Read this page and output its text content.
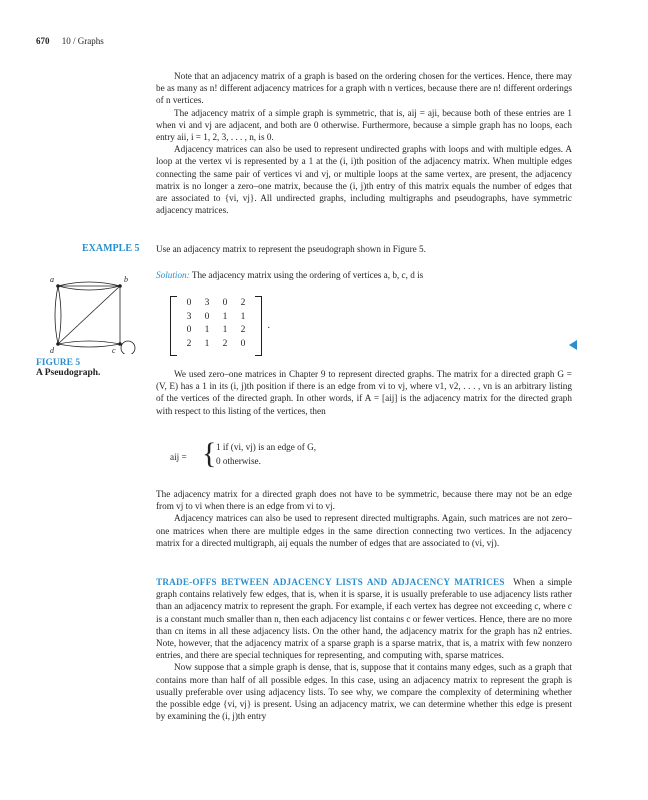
670 10 / Graphs

Note that an adjacency matrix of a graph is based on the ordering chosen for the vertices. Hence, there may be as many as n! different adjacency matrices for a graph with n vertices, because there are n! different orderings of n vertices.

The adjacency matrix of a simple graph is symmetric, that is, aij = aji, because both of these entries are 1 when vi and vj are adjacent, and both are 0 otherwise. Furthermore, because a simple graph has no loops, each entry aii, i = 1, 2, 3, . . . , n, is 0.

Adjacency matrices can also be used to represent undirected graphs with loops and with multiple edges. A loop at the vertex vi is represented by a 1 at the (i, i)th position of the adjacency matrix. When multiple edges connecting the same pair of vertices vi and vj, or multiple loops at the same vertex, are present, the adjacency matrix is no longer a zero–one matrix, because the (i, j)th entry of this matrix equals the number of edges that are associated to {vi, vj}. All undirected graphs, including multigraphs and pseudographs, have symmetric adjacency matrices.

EXAMPLE 5 Use an adjacency matrix to represent the pseudograph shown in Figure 5.
Solution: The adjacency matrix using the ordering of vertices a, b, c, d is
0	3	0	2
3	0	1	1
0	1	1	2
2	1	2	0
.
a	b
c
d
FIGURE 5
A Pseudograph.	We used zero–one matrices in Chapter 9 to represent directed graphs. The matrix for a directed graph G = (V, E) has a 1 in its (i, j)th position if there is an edge from vi to vj, where v1, v2, . . . , vn is an arbitrary listing of the vertices of the directed graph. In other words, if A = [aij] is the adjacency matrix for the directed graph with respect to this listing of the vertices, then

aij = { 1 if (vi, vj) is an edge of G,
0 otherwise.

The adjacency matrix for a directed graph does not have to be symmetric, because there may not be an edge from vj to vi when there is an edge from vi to vj.

Adjacency matrices can also be used to represent directed multigraphs. Again, such matrices are not zero–one matrices when there are multiple edges in the same direction connecting two vertices. In the adjacency matrix for a directed multigraph, aij equals the number of edges that are associated to (vi, vj).

TRADE-OFFS BETWEEN ADJACENCY LISTS AND ADJACENCY MATRICES When a simple graph contains relatively few edges, that is, when it is sparse, it is usually preferable to use adjacency lists rather than an adjacency matrix to represent the graph. For example, if each vertex has degree not exceeding c, where c is a constant much smaller than n, then each adjacency list contains c or fewer vertices. Hence, there are no more than cn items in all these adjacency lists. On the other hand, the adjacency matrix for the graph has n2 entries. Note, however, that the adjacency matrix of a sparse graph is a sparse matrix, that is, a matrix with few nonzero entries, and there are special techniques for representing, and computing with, sparse matrices.

Now suppose that a simple graph is dense, that is, suppose that it contains many edges, such as a graph that contains more than half of all possible edges. In this case, using an adjacency matrix to represent the graph is usually preferable over using adjacency lists. To see why, we compare the complexity of determining whether the possible edge {vi, vj} is present. Using an adjacency matrix, we can determine whether this edge is present by examining the (i, j)th entry
